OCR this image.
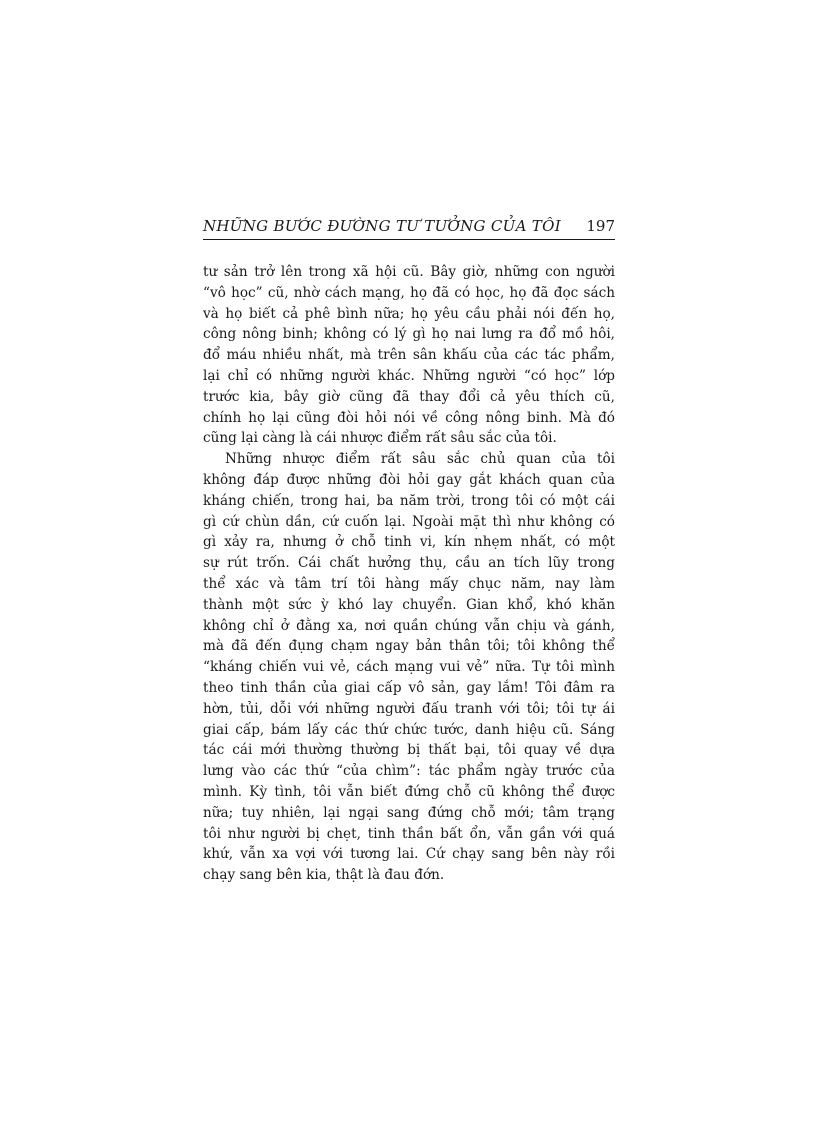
NHỮNG BƯỚC ĐƯỜNG TƯ TƯỞNG CỦA TÔI 197

tư sản trở lên trong xã hội cũ. Bây giờ, những con người
“vô học” cũ, nhờ cách mạng, họ đã có học, họ đã đọc sách
và họ biết cả phê bình nữa; họ yêu cầu phải nói đến họ,
công nông binh; không có lý gì họ nai lưng ra đổ mồ hôi,
đổ máu nhiều nhất, mà trên sân khấu của các tác phẩm,
lại chỉ có những người khác. Những người “có học” lớp
trước kia, bây giờ cũng đã thay đổi cả yêu thích cũ,
chính họ lại cũng đòi hỏi nói về công nông binh. Mà đó
cũng lại càng là cái nhược điểm rất sâu sắc của tôi.

Những nhược điểm rất sâu sắc chủ quan của tôi
không đáp được những đòi hỏi gay gắt khách quan của
kháng chiến, trong hai, ba năm trời, trong tôi có một cái
gì cứ chùn dần, cứ cuốn lại. Ngoài mặt thì như không có
gì xảy ra, nhưng ở chỗ tinh vi, kín nhẹm nhất, có một
sự rút trốn. Cái chất hưởng thụ, cầu an tích lũy trong
thể xác và tâm trí tôi hàng mấy chục năm, nay làm
thành một sức ỳ khó lay chuyển. Gian khổ, khó khăn
không chỉ ở đằng xa, nơi quần chúng vẫn chịu và gánh,
mà đã đến đụng chạm ngay bản thân tôi; tôi không thể
“kháng chiến vui vẻ, cách mạng vui vẻ” nữa. Tự tôi mình
theo tinh thần của giai cấp vô sản, gay lắm! Tôi đâm ra
hờn, tủi, dỗi với những người đấu tranh với tôi; tôi tự ái
giai cấp, bám lấy các thứ chức tước, danh hiệu cũ. Sáng
tác cái mới thường thường bị thất bại, tôi quay về dựa
lưng vào các thứ “của chìm”: tác phẩm ngày trước của
mình. Kỳ tình, tôi vẫn biết đứng chỗ cũ không thể được
nữa; tuy nhiên, lại ngại sang đứng chỗ mới; tâm trạng
tôi như người bị chẹt, tinh thần bất ổn, vẫn gần với quá
khứ, vẫn xa vợi với tương lai. Cứ chạy sang bên này rồi
chạy sang bên kia, thật là đau đớn.
